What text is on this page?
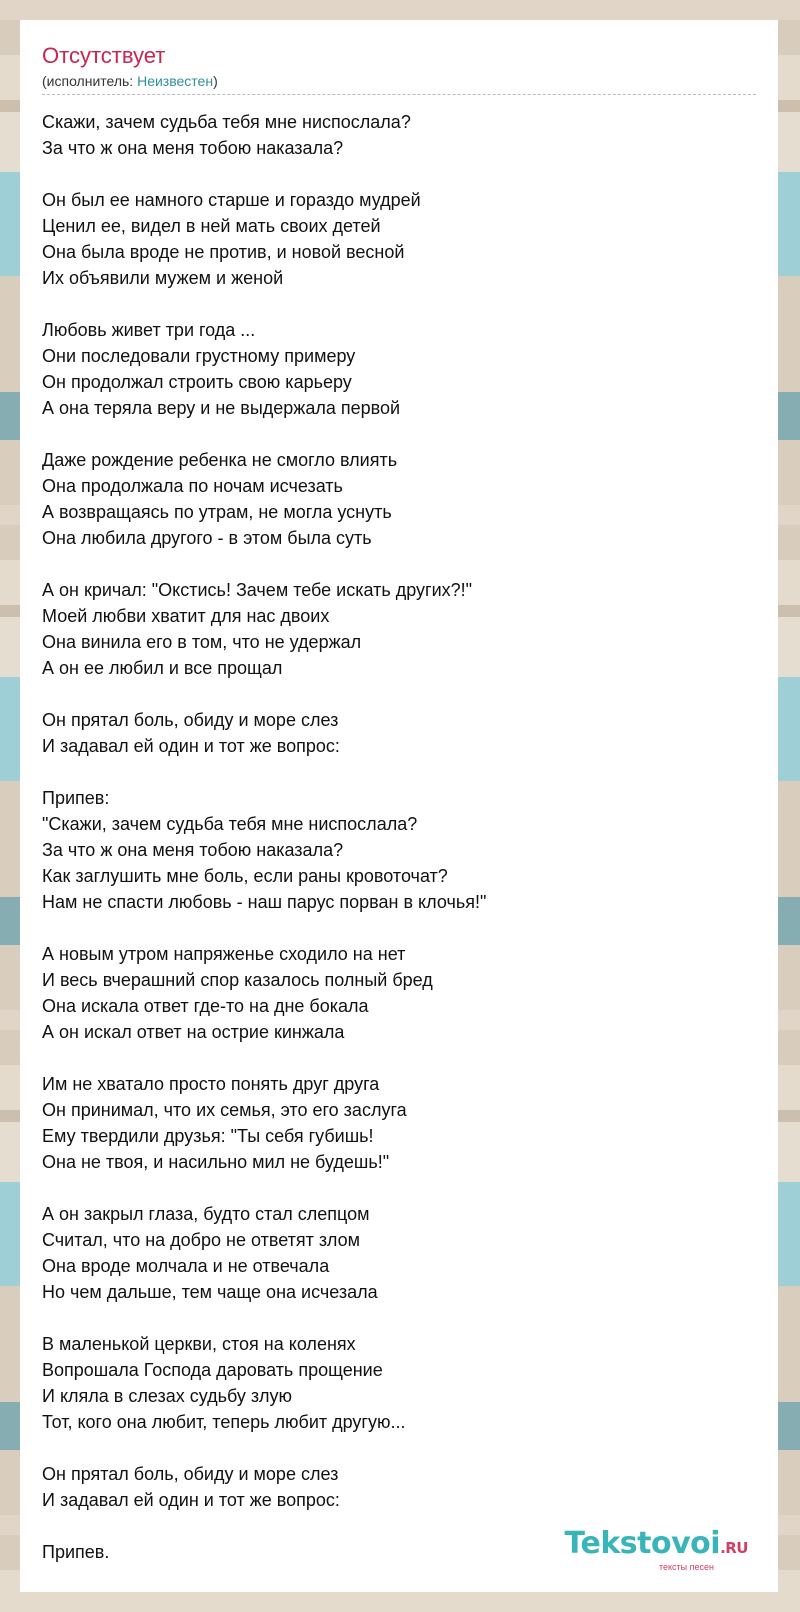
Отсутствует
(исполнитель: Неизвестен)
Скажи, зачем судьба тебя мне ниспослала?
За что ж она меня тобою наказала?
Он был ее намного старше и гораздо мудрей
Ценил ее, видел в ней мать своих детей
Она была вроде не против, и новой весной
Их объявили мужем и женой
Любовь живет три года ...
Они последовали грустному примеру
Он продолжал строить свою карьеру
А она теряла веру и не выдержала первой
Даже рождение ребенка не смогло влиять
Она продолжала по ночам исчезать
А возвращаясь по утрам, не могла уснуть
Она любила другого - в этом была суть
А он кричал: "Окстись! Зачем тебе искать других?!"
Моей любви хватит для нас двоих
Она винила его в том, что не удержал
А он ее любил и все прощал
Он прятал боль, обиду и море слез
И задавал ей один и тот же вопрос:
Припев:
"Скажи, зачем судьба тебя мне ниспослала?
За что ж она меня тобою наказала?
Как заглушить мне боль, если раны кровоточат?
Нам не спасти любовь - наш парус порван в клочья!"
А новым утром напряженье сходило на нет
И весь вчерашний спор казалось полный бред
Она искала ответ где-то на дне бокала
А он искал ответ на острие кинжала
Им не хватало просто понять друг друга
Он принимал, что их семья, это его заслуга
Ему твердили друзья: "Ты себя губишь!
Она не твоя, и насильно мил не будешь!"
А он закрыл глаза, будто стал слепцом
Считал, что на добро не ответят злом
Она вроде молчала и не отвечала
Но чем дальше, тем чаще она исчезала
В маленькой церкви, стоя на коленях
Вопрошала Господа даровать прощение
И кляла в слезах судьбу злую
Тот, кого она любит, теперь любит другую...
Он прятал боль, обиду и море слез
И задавал ей один и тот же вопрос:
Припев.	Tekstovoi.RU
тексты песен
